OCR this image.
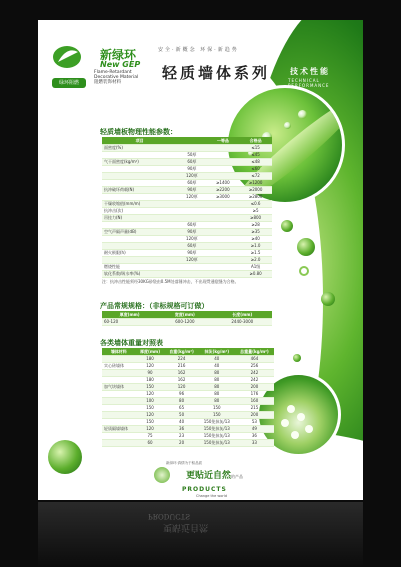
绿环阻燃
新绿环
New GEP
Flame-Retardant Decorative Material 阻燃装饰材料
安全·新概念 环保·新趋势
轻质墙体系列 技术性能
TECHNICAL PERFORMANCE
轻质墙板物理性能参数：
项目		一等品	合格品
面密度(%)			≤15
	50厚		≤45
气干面密度(kg/m²)	60厚		≤48
	90厚		≤60
	120厚		≤72
	60厚	≥1400	≥1200
抗冲破坏荷载(N)	90厚	≥2200	≥2000
	120厚	≥3000	≥2800
干燥收缩值(mm/m)			≤0.6
抗冲击(次)			≥5
吊挂力(N)			≥800
	60厚		≥28
空气声隔声量(dB)	90厚		≥35
	120厚		≥40
	60厚		≥1.0
耐火极限(h)	90厚		≥1.5
	120厚		≥2.0
燃烧性能			A1级
软化系数/吸水率(%)			≥0.80
注：抗冲击性能须经30KG砂袋由0.5M处落锤冲击，不出现贯通裂缝为合格。
产品常规规格：（非标规格可订做）
厚度(mm)	宽度(mm)	长度(mm)
60-120	600-1200	2440-3000
各类墙体重量对照表
墙体材料	厚度(mm)	自重(kg/m²)	抹灰(kg/m²)	总重量(kg/m²)
	180	224	40	464
实心砖墙体	120	216	40	256
	90	162	80	242
	180	162	80	242
加气块墙体	150	120	80	200
	120	96	80	176
	100	80	80	160
	150	65	150	215
	120	50	150	200
	150	40	150免抹灰/13	53
轻质隔墙墙体	120	36	150免抹灰/13	49
	75	23	150免抹灰/13	36
	60	20	150免抹灰/13	33
新绿环·真情为于积品质
更贴近自然的产品
PRODUCTS
Change the world
PRODUCTS
更贴近自然
